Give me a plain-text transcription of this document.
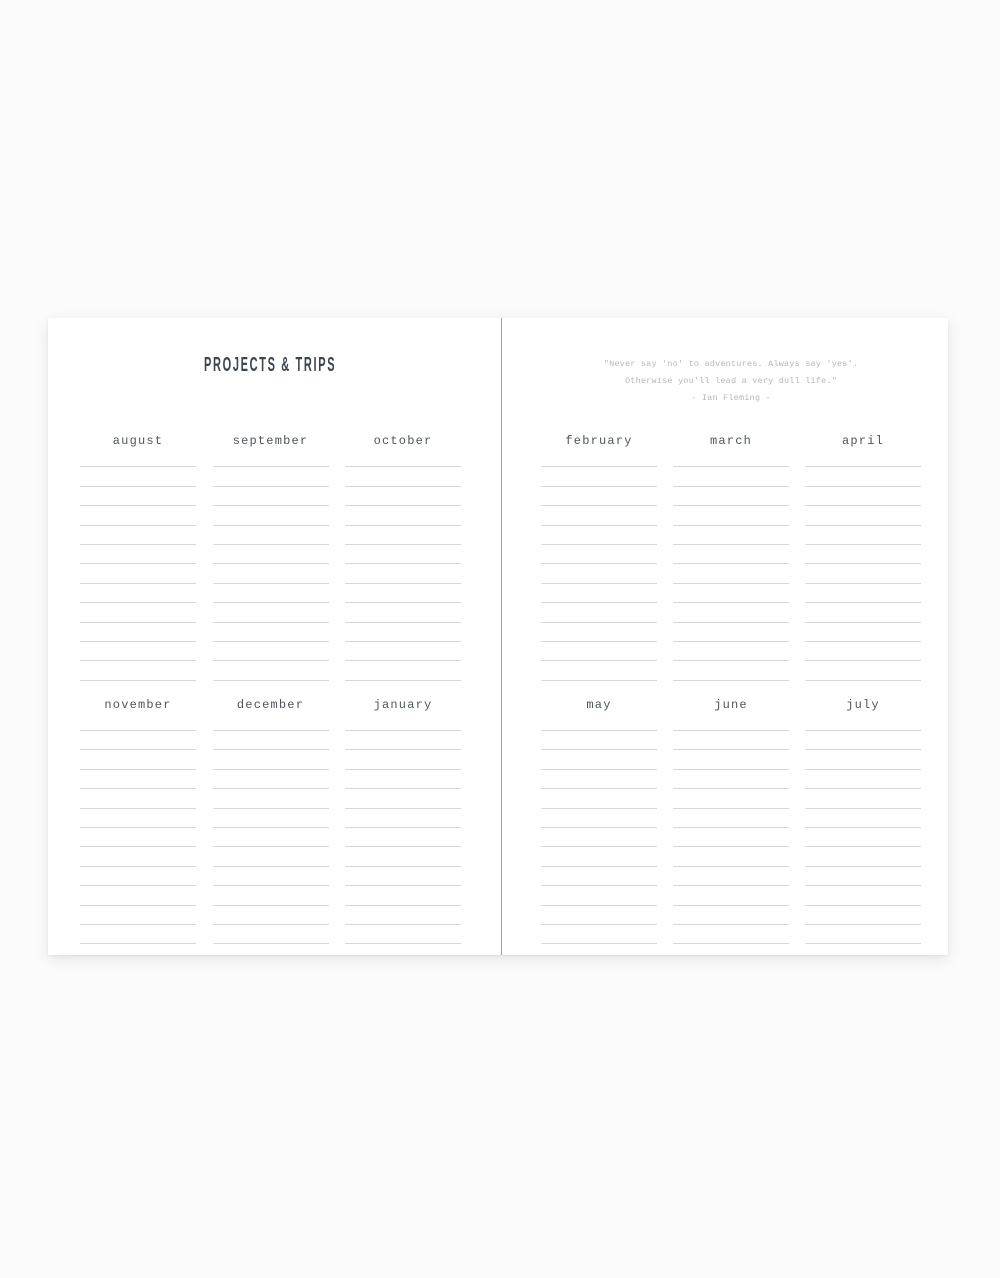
PROJECTS & TRIPS
august	september	october
november	december	january
"Never say 'no' to adventures. Always say 'yes'.
Otherwise you'll lead a very dull life."
- Ian Fleming -
february	march	april
may	june	july
